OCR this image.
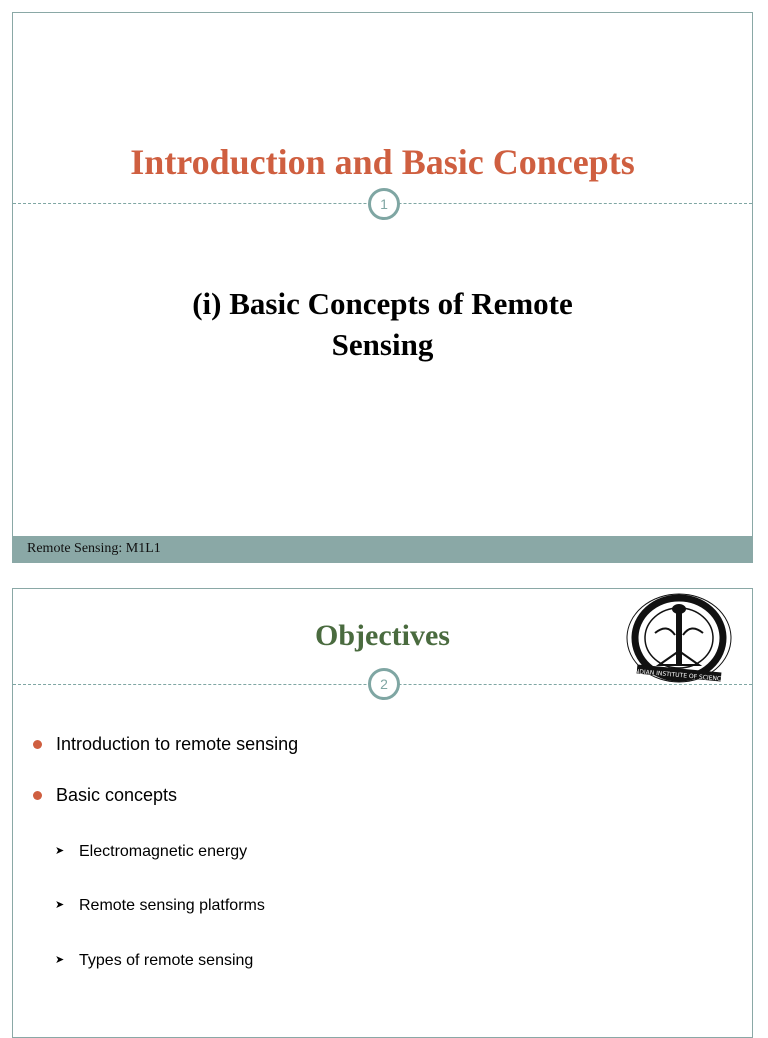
Introduction and Basic Concepts
1
(i) Basic Concepts of Remote
Sensing
Remote Sensing: M1L1
Objectives
INDIAN INSTITUTE OF SCIENCE
2
Introduction to remote sensing
Basic concepts
➤ Electromagnetic energy
➤ Remote sensing platforms
➤ Types of remote sensing
